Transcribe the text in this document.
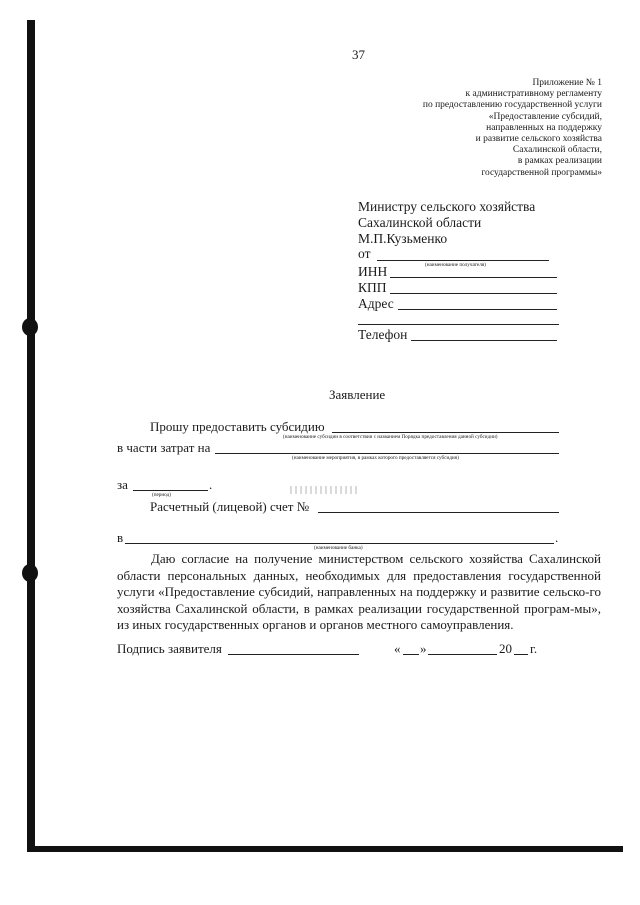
37
Приложение № 1
к административному регламенту
по предоставлению государственной услуги
«Предоставление субсидий,
направленных на поддержку
и развитие сельского хозяйства
Сахалинской области,
в рамках реализации
государственной программы»
Министру сельского хозяйства
Сахалинской области
М.П.Кузьменко
от
(наименование получателя)
ИНН
КПП
Адрес
Телефон
Заявление
Прошу предоставить субсидию
(наименование субсидии в соответствии с названием Порядка предоставления данной субсидии)
в части затрат на
(наименование мероприятия, в рамках которого предоставляется субсидия)
за	.
(период)
Расчетный (лицевой) счет №
в	.
(наименование банка)
Даю согласие на получение министерством сельского хозяйства Сахалинской области персональных данных, необходимых для предоставления государственной услуги «Предоставление субсидий, направленных на поддержку и развитие сельско-го хозяйства Сахалинской области, в рамках реализации государственной програм-мы», из иных государственных органов и органов местного самоуправления.
Подпись заявителя	« »	20 г.
